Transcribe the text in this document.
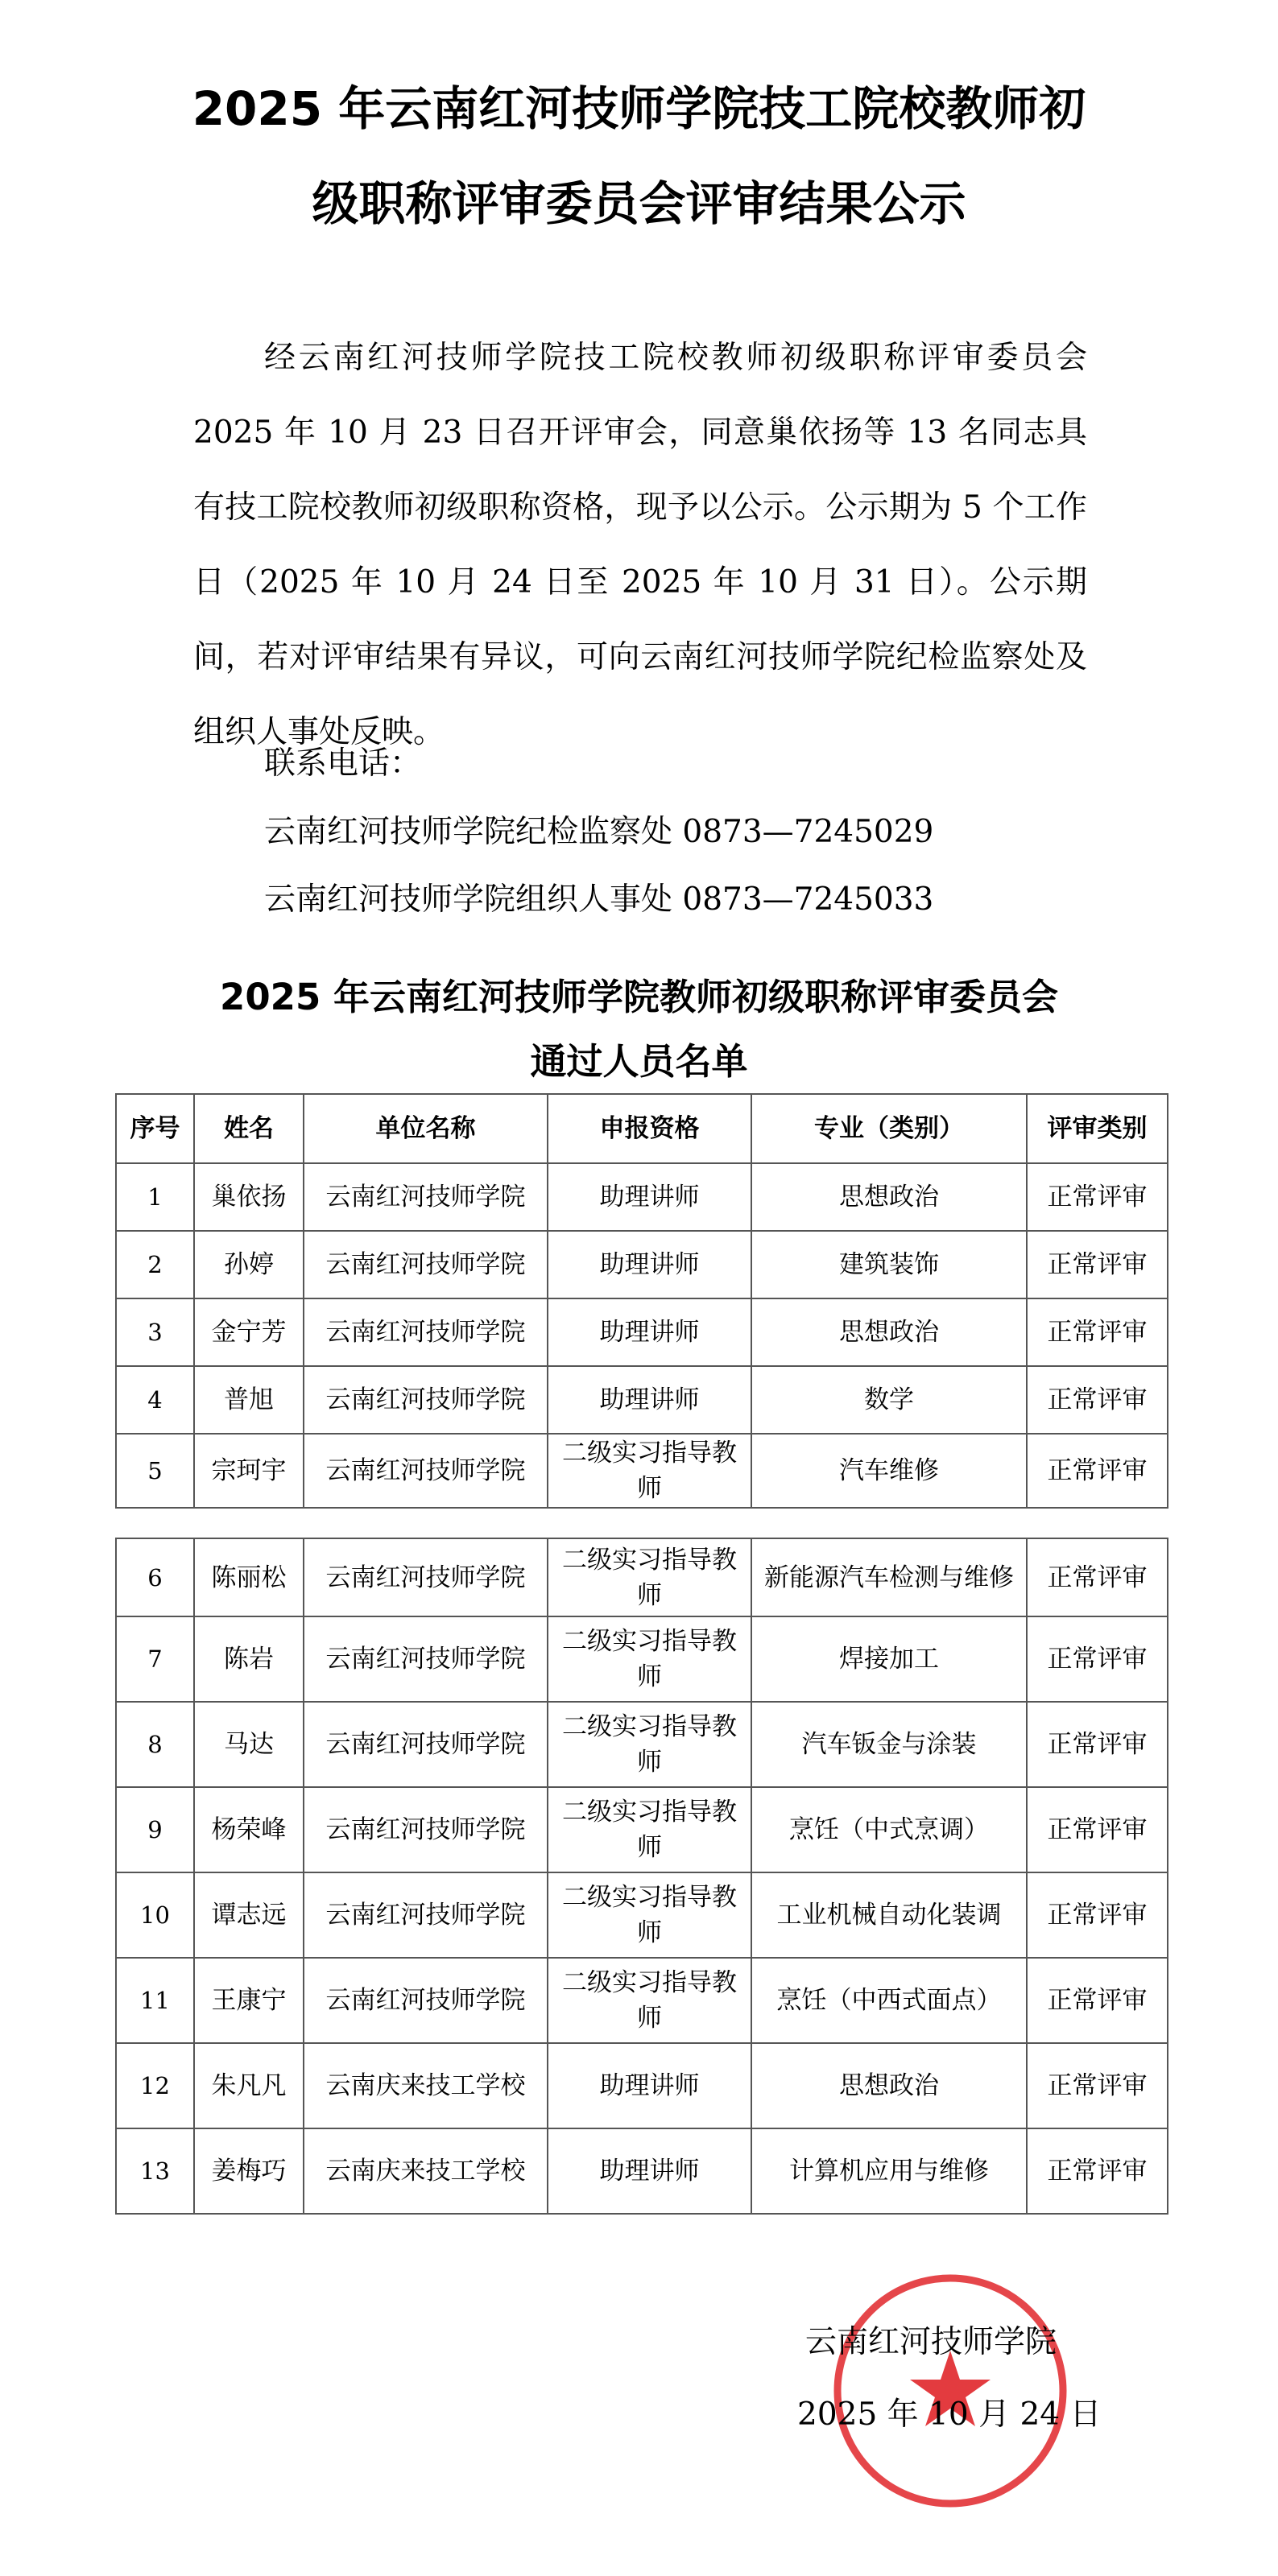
2025 年云南红河技师学院技工院校教师初
级职称评审委员会评审结果公示

经云南红河技师学院技工院校教师初级职称评审委员会 2025 年 10 月 23 日召开评审会，同意巢依扬等 13 名同志具有技工院校教师初级职称资格，现予以公示。公示期为 5 个工作日（2025 年 10 月 24 日至 2025 年 10 月 31 日）。公示期间，若对评审结果有异议，可向云南红河技师学院纪检监察处及组织人事处反映。

联系电话：
云南红河技师学院纪检监察处 0873—7245029
云南红河技师学院组织人事处 0873—7245033
2025 年云南红河技师学院教师初级职称评审委员会
通过人员名单
序号	姓名	单位名称	申报资格	专业（类别）	评审类别
1	巢依扬	云南红河技师学院	助理讲师	思想政治	正常评审
2	孙婷	云南红河技师学院	助理讲师	建筑装饰	正常评审
3	金宁芳	云南红河技师学院	助理讲师	思想政治	正常评审
4	普旭	云南红河技师学院	助理讲师	数学	正常评审
5	宗珂宇	云南红河技师学院	二级实习指导教师	汽车维修	正常评审
6	陈丽松	云南红河技师学院	二级实习指导教师	新能源汽车检测与维修	正常评审
7	陈岩	云南红河技师学院	二级实习指导教师	焊接加工	正常评审
8	马达	云南红河技师学院	二级实习指导教师	汽车钣金与涂装	正常评审
9	杨荣峰	云南红河技师学院	二级实习指导教师	烹饪（中式烹调）	正常评审
10	谭志远	云南红河技师学院	二级实习指导教师	工业机械自动化装调	正常评审
11	王康宁	云南红河技师学院	二级实习指导教师	烹饪（中西式面点）	正常评审
12	朱凡凡	云南庆来技工学校	助理讲师	思想政治	正常评审
13	姜梅巧	云南庆来技工学校	助理讲师	计算机应用与维修	正常评审
云南红河技师学院
2025 年 10 月 24 日
